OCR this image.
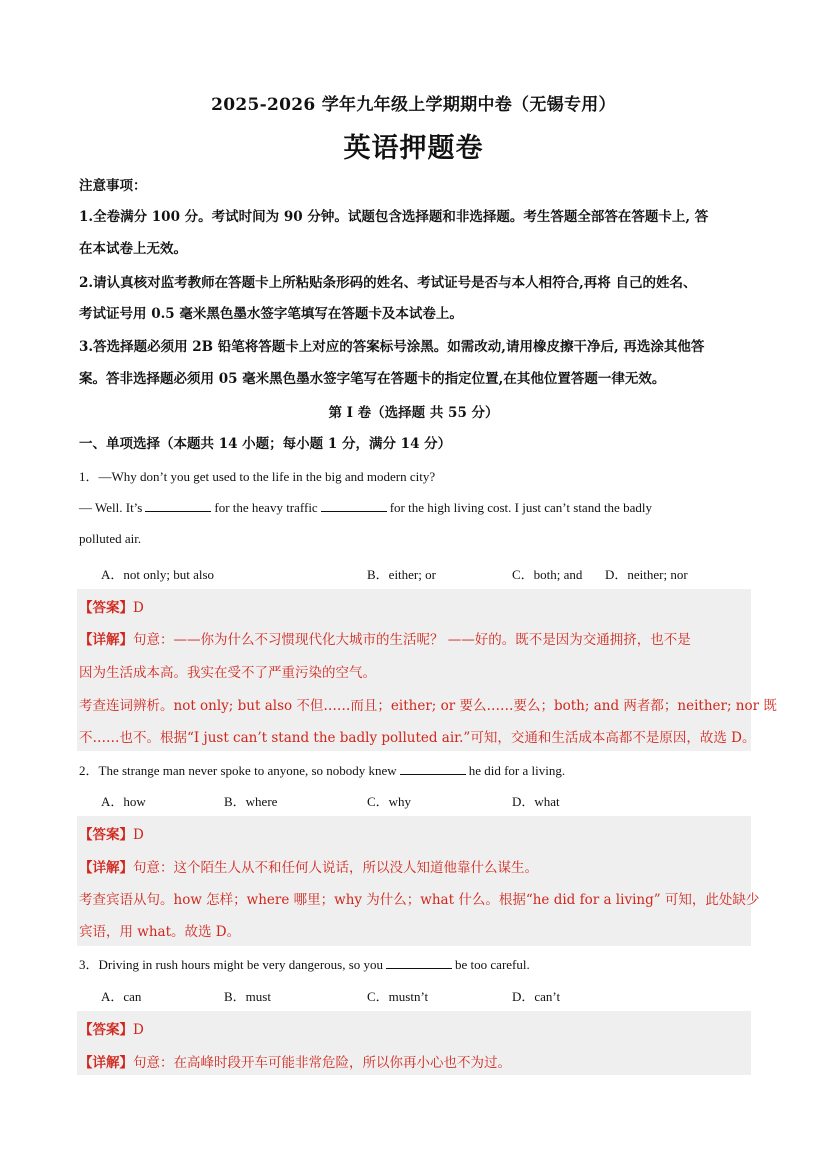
2025-2026 学年九年级上学期期中卷（无锡专用）
英语押题卷
注意事项：
1.全卷满分 100 分。考试时间为 90 分钟。试题包含选择题和非选择题。考生答题全部答在答题卡上, 答
在本试卷上无效。
2.请认真核对监考教师在答题卡上所粘贴条形码的姓名、考试证号是否与本人相符合,再将 自己的姓名、
考试证号用 0.5 毫米黑色墨水签字笔填写在答题卡及本试卷上。
3.答选择题必须用 2B 铅笔将答题卡上对应的答案标号涂黑。如需改动,请用橡皮擦干净后, 再选涂其他答
案。答非选择题必须用 05 毫米黑色墨水签字笔写在答题卡的指定位置,在其他位置答题一律无效。
第 I 卷（选择题 共 55 分）
一、单项选择（本题共 14 小题；每小题 1 分，满分 14 分）
1．—Why don’t you get used to the life in the big and modern city?
— Well. It’s	for the heavy traffic	for the high living cost. I just can’t stand the badly
polluted air.
A．not only; but also	B．either; or	C．both; and D．neither; nor
【答案】D
【详解】句意：——你为什么不习惯现代化大城市的生活呢？ ——好的。既不是因为交通拥挤，也不是
因为生活成本高。我实在受不了严重污染的空气。
考查连词辨析。not only; but also 不但……而且；either; or 要么……要么；both; and 两者都；neither; nor 既
不……也不。根据“I just can’t stand the badly polluted air.”可知，交通和生活成本高都不是原因，故选 D。
2．The strange man never spoke to anyone, so nobody knew	he did for a living.
A．how	B．where	C．why	D．what
【答案】D
【详解】句意：这个陌生人从不和任何人说话，所以没人知道他靠什么谋生。
考查宾语从句。how 怎样；where 哪里；why 为什么；what 什么。根据“he did for a living” 可知，此处缺少
宾语，用 what。故选 D。
3．Driving in rush hours might be very dangerous, so you	be too careful.
A．can	B．must	C．mustn’t	D．can’t
【答案】D
【详解】句意：在高峰时段开车可能非常危险，所以你再小心也不为过。
